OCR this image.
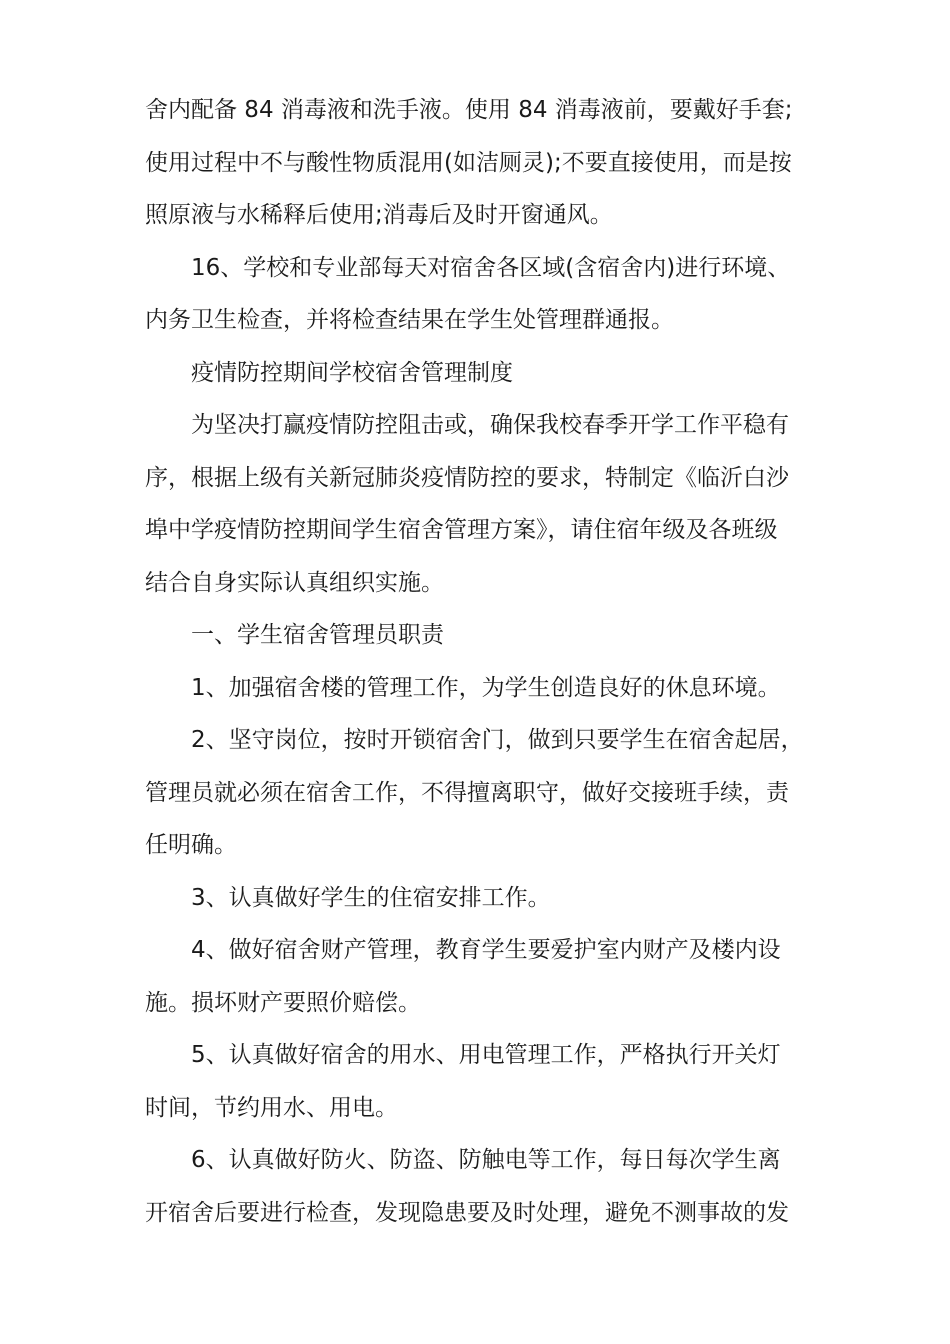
舍内配备 84 消毒液和洗手液。使用 84 消毒液前，要戴好手套;
使用过程中不与酸性物质混用(如洁厕灵);不要直接使用，而是按
照原液与水稀释后使用;消毒后及时开窗通风。

　　16、学校和专业部每天对宿舍各区域(含宿舍内)进行环境、
内务卫生检查，并将检查结果在学生处管理群通报。

　　疫情防控期间学校宿舍管理制度

　　为坚决打赢疫情防控阻击或，确保我校春季开学工作平稳有
序，根据上级有关新冠肺炎疫情防控的要求，特制定《临沂白沙
埠中学疫情防控期间学生宿舍管理方案》，请住宿年级及各班级
结合自身实际认真组织实施。

　　一、学生宿舍管理员职责

　　1、加强宿舍楼的管理工作，为学生创造良好的休息环境。

　　2、坚守岗位，按时开锁宿舍门，做到只要学生在宿舍起居，
管理员就必须在宿舍工作，不得擅离职守，做好交接班手续，责
任明确。

　　3、认真做好学生的住宿安排工作。

　　4、做好宿舍财产管理，教育学生要爱护室内财产及楼内设
施。损坏财产要照价赔偿。

　　5、认真做好宿舍的用水、用电管理工作，严格执行开关灯
时间，节约用水、用电。

　　6、认真做好防火、防盗、防触电等工作，每日每次学生离
开宿舍后要进行检查，发现隐患要及时处理，避免不测事故的发
